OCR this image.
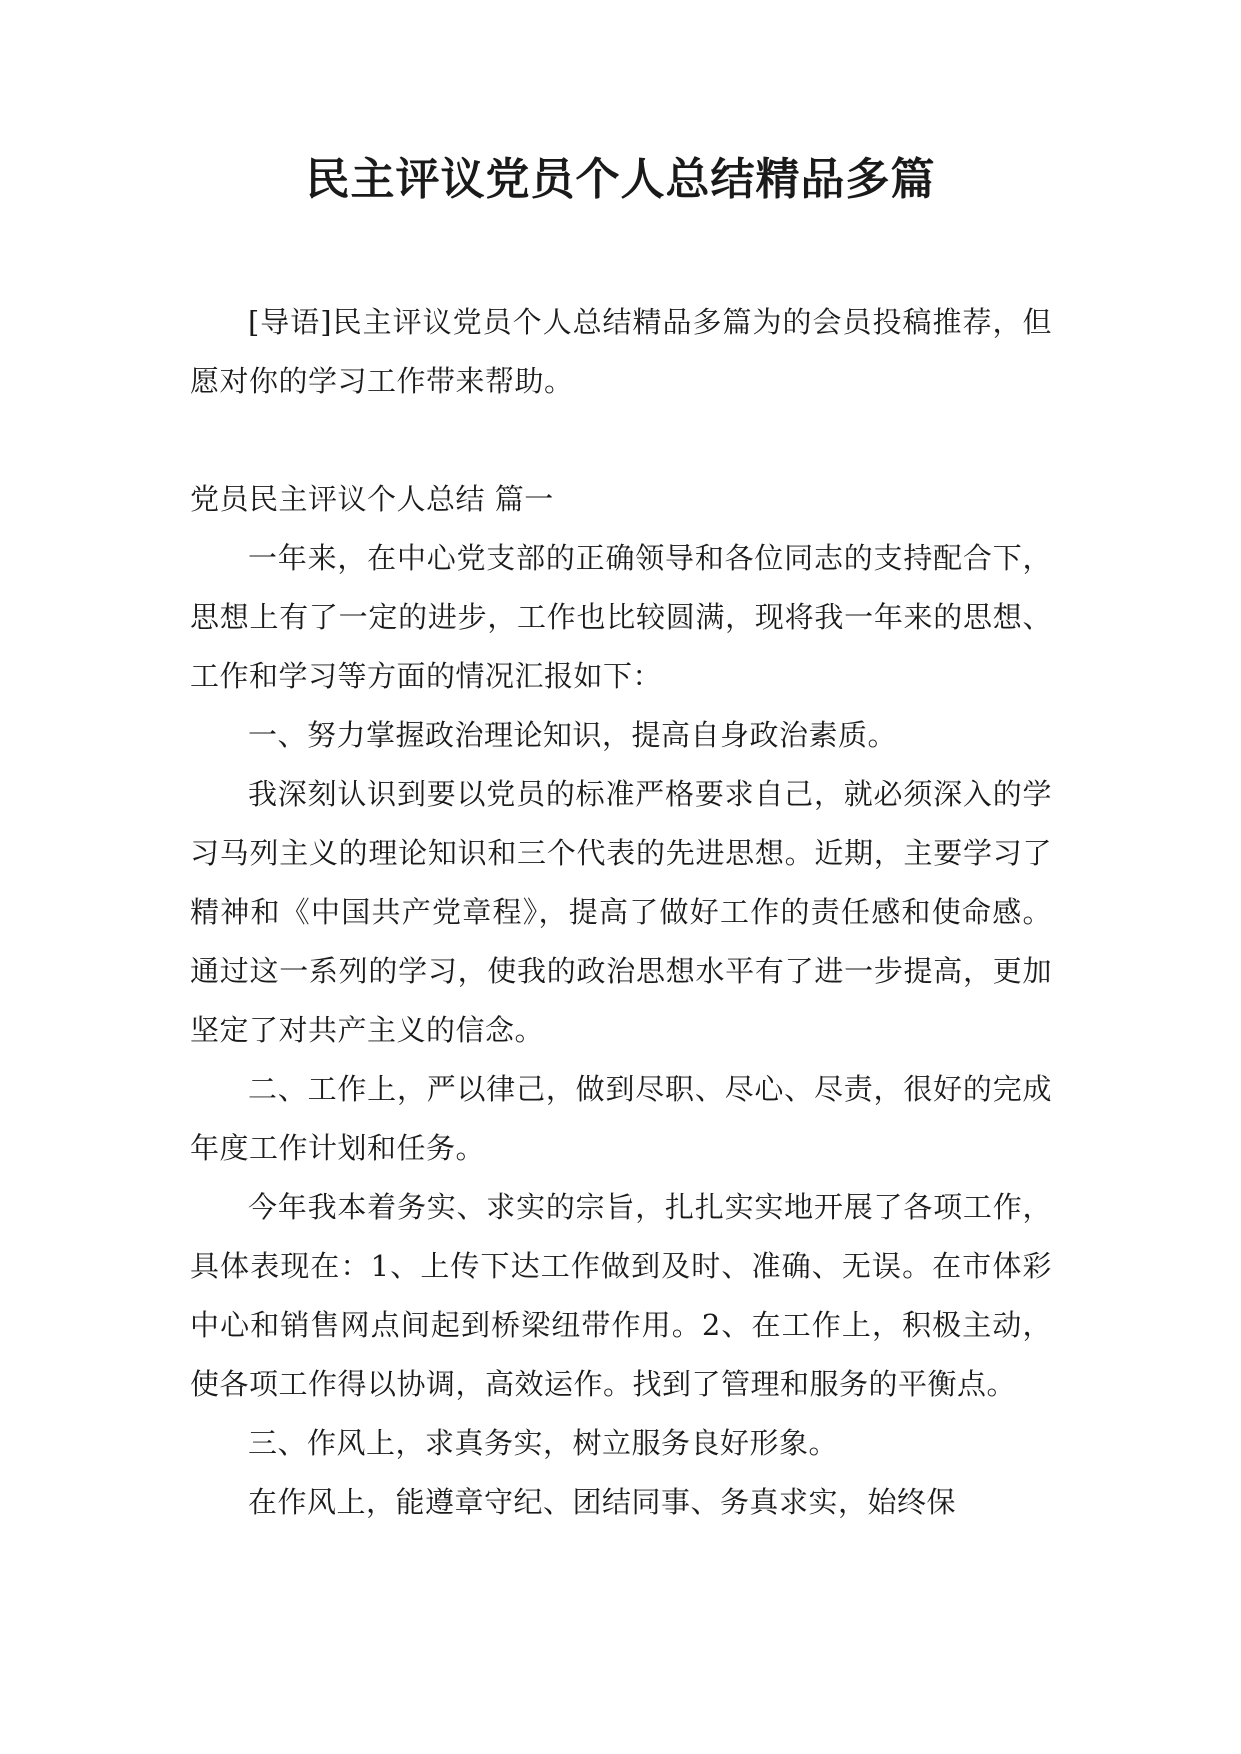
民主评议党员个人总结精品多篇

[导语]民主评议党员个人总结精品多篇为的会员投稿推荐，但愿对你的学习工作带来帮助。

党员民主评议个人总结 篇一

一年来，在中心党支部的正确领导和各位同志的支持配合下，思想上有了一定的进步，工作也比较圆满，现将我一年来的思想、工作和学习等方面的情况汇报如下：

一、努力掌握政治理论知识，提高自身政治素质。

我深刻认识到要以党员的标准严格要求自己，就必须深入的学习马列主义的理论知识和三个代表的先进思想。近期，主要学习了精神和《中国共产党章程》，提高了做好工作的责任感和使命感。 通过这一系列的学习，使我的政治思想水平有了进一步提高，更加坚定了对共产主义的信念。

二、工作上，严以律己，做到尽职、尽心、尽责，很好的完成年度工作计划和任务。

今年我本着务实、求实的宗旨，扎扎实实地开展了各项工作，具体表现在：1、上传下达工作做到及时、准确、无误。在市体彩中心和销售网点间起到桥梁纽带作用。2、在工作上，积极主动，使各项工作得以协调，高效运作。找到了管理和服务的平衡点。

三、作风上，求真务实，树立服务良好形象。

在作风上，能遵章守纪、团结同事、务真求实，始终保
